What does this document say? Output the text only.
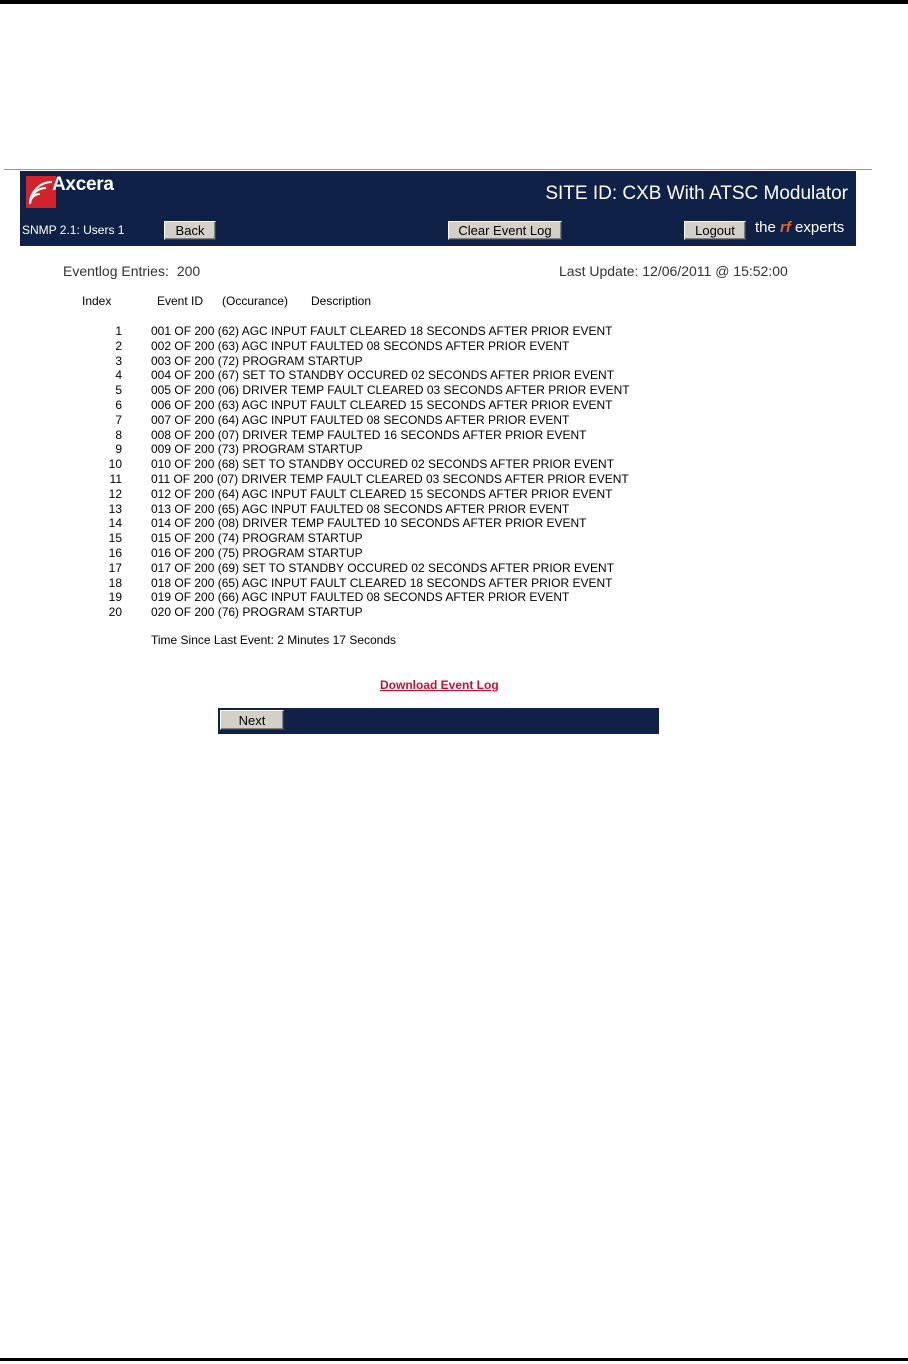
Axcera	SITE ID: CXB With ATSC Modulator
SNMP 2.1: Users 1	Back	Clear Event Log	Logout	the rf experts
Eventlog Entries: 200	Last Update: 12/06/2011 @ 15:52:00
Index	Event ID (Occurance) Description
1 001 OF 200 (62) AGC INPUT FAULT CLEARED 18 SECONDS AFTER PRIOR EVENT
2 002 OF 200 (63) AGC INPUT FAULTED 08 SECONDS AFTER PRIOR EVENT
3 003 OF 200 (72) PROGRAM STARTUP
4 004 OF 200 (67) SET TO STANDBY OCCURED 02 SECONDS AFTER PRIOR EVENT
5 005 OF 200 (06) DRIVER TEMP FAULT CLEARED 03 SECONDS AFTER PRIOR EVENT
6 006 OF 200 (63) AGC INPUT FAULT CLEARED 15 SECONDS AFTER PRIOR EVENT
7 007 OF 200 (64) AGC INPUT FAULTED 08 SECONDS AFTER PRIOR EVENT
8 008 OF 200 (07) DRIVER TEMP FAULTED 16 SECONDS AFTER PRIOR EVENT
9 009 OF 200 (73) PROGRAM STARTUP
10 010 OF 200 (68) SET TO STANDBY OCCURED 02 SECONDS AFTER PRIOR EVENT
11 011 OF 200 (07) DRIVER TEMP FAULT CLEARED 03 SECONDS AFTER PRIOR EVENT
12 012 OF 200 (64) AGC INPUT FAULT CLEARED 15 SECONDS AFTER PRIOR EVENT
13 013 OF 200 (65) AGC INPUT FAULTED 08 SECONDS AFTER PRIOR EVENT
14 014 OF 200 (08) DRIVER TEMP FAULTED 10 SECONDS AFTER PRIOR EVENT
15 015 OF 200 (74) PROGRAM STARTUP
16 016 OF 200 (75) PROGRAM STARTUP
17 017 OF 200 (69) SET TO STANDBY OCCURED 02 SECONDS AFTER PRIOR EVENT
18 018 OF 200 (65) AGC INPUT FAULT CLEARED 18 SECONDS AFTER PRIOR EVENT
19 019 OF 200 (66) AGC INPUT FAULTED 08 SECONDS AFTER PRIOR EVENT
20 020 OF 200 (76) PROGRAM STARTUP
Time Since Last Event: 2 Minutes 17 Seconds
Download Event Log
Next
